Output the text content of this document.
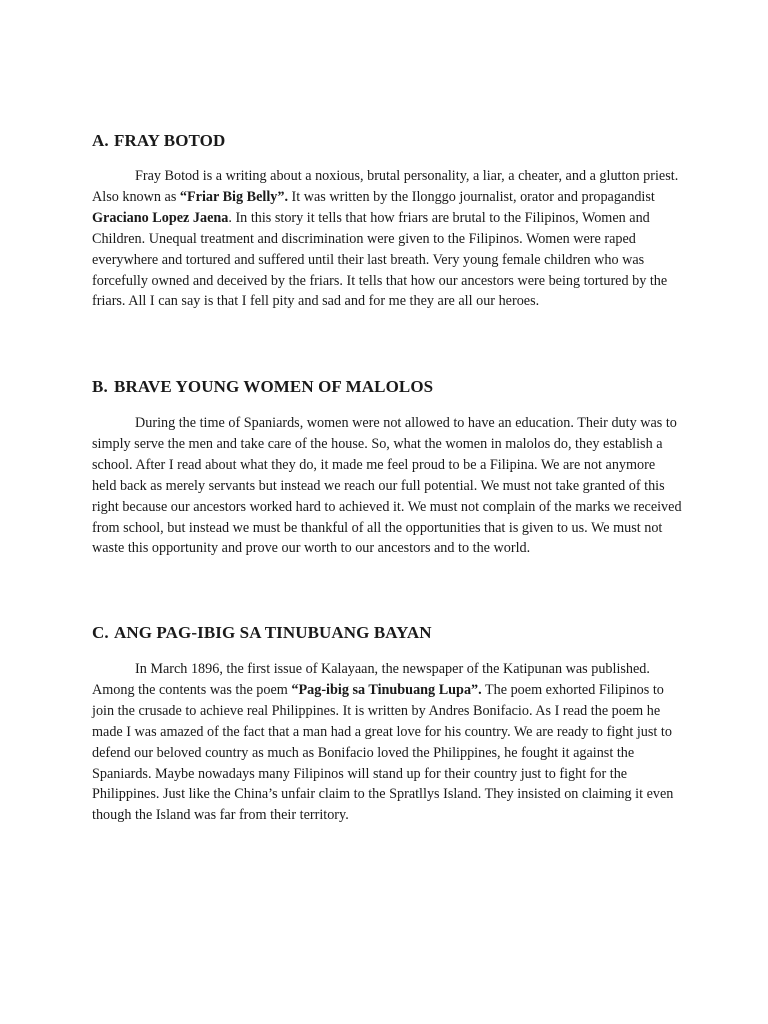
A. FRAY BOTOD

Fray Botod is a writing about a noxious, brutal personality, a liar, a cheater, and a glutton priest. Also known as “Friar Big Belly”. It was written by the Ilonggo journalist, orator and propagandist Graciano Lopez Jaena. In this story it tells that how friars are brutal to the Filipinos, Women and Children. Unequal treatment and discrimination were given to the Filipinos. Women were raped everywhere and tortured and suffered until their last breath. Very young female children who was forcefully owned and deceived by the friars. It tells that how our ancestors were being tortured by the friars. All I can say is that I fell pity and sad and for me they are all our heroes.

B. BRAVE YOUNG WOMEN OF MALOLOS

During the time of Spaniards, women were not allowed to have an education. Their duty was to simply serve the men and take care of the house. So, what the women in malolos do, they establish a school. After I read about what they do, it made me feel proud to be a Filipina. We are not anymore held back as merely servants but instead we reach our full potential. We must not take granted of this right because our ancestors worked hard to achieved it. We must not complain of the marks we received from school, but instead we must be thankful of all the opportunities that is given to us. We must not waste this opportunity and prove our worth to our ancestors and to the world.

C. ANG PAG-IBIG SA TINUBUANG BAYAN

In March 1896, the first issue of Kalayaan, the newspaper of the Katipunan was published. Among the contents was the poem “Pag-ibig sa Tinubuang Lupa”. The poem exhorted Filipinos to join the crusade to achieve real Philippines. It is written by Andres Bonifacio. As I read the poem he made I was amazed of the fact that a man had a great love for his country. We are ready to fight just to defend our beloved country as much as Bonifacio loved the Philippines, he fought it against the Spaniards. Maybe nowadays many Filipinos will stand up for their country just to fight for the Philippines. Just like the China’s unfair claim to the Spratllys Island. They insisted on claiming it even though the Island was far from their territory.
